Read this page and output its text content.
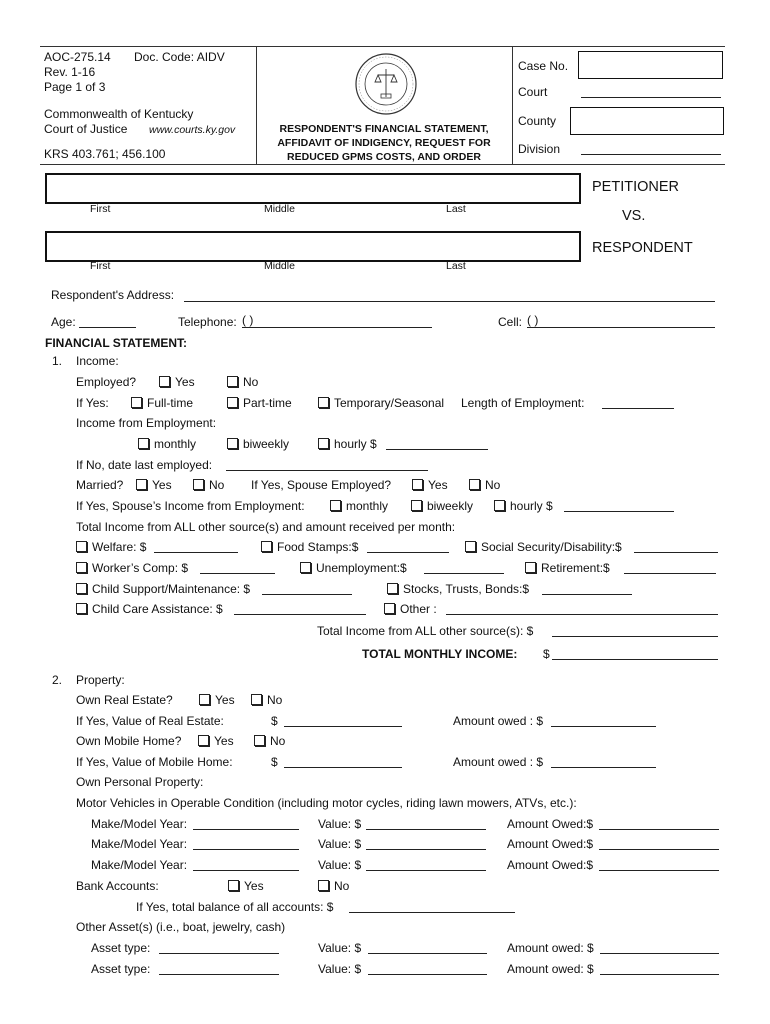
AOC-275.14 Doc. Code: AIDV
Rev. 1-16
Page 1 of 3
Commonwealth of Kentucky
Court of Justice www.courts.ky.gov
KRS 403.761; 456.100
RESPONDENT'S FINANCIAL STATEMENT,
AFFIDAVIT OF INDIGENCY, REQUEST FOR
REDUCED GPMS COSTS, AND ORDER
Case No.
Court
County
Division
First	Middle	Last
PETITIONER
VS.
First	Middle	Last
RESPONDENT
Respondent's Address:
Age:	Telephone: ( )	Cell: ( )
FINANCIAL STATEMENT:
1. Income:
Employed?	Yes	No
If Yes:	Full-time	Part-time	Temporary/Seasonal Length of Employment:
Income from Employment:
monthly	biweekly	hourly $
If No, date last employed:
Married?	Yes	No If Yes, Spouse Employed?	Yes	No
If Yes, Spouse’s Income from Employment:	monthly	biweekly	hourly $
Total Income from ALL other source(s) and amount received per month:
Welfare: $	Food Stamps:$	Social Security/Disability:$
Worker’s Comp: $	Unemployment:$	Retirement:$
Child Support/Maintenance: $	Stocks, Trusts, Bonds:$
Child Care Assistance: $	Other :
Total Income from ALL other source(s): $
TOTAL MONTHLY INCOME: $
2. Property:
Own Real Estate?	Yes	No
If Yes, Value of Real Estate:	$	Amount owed : $
Own Mobile Home?	Yes	No
If Yes, Value of Mobile Home:	$	Amount owed : $
Own Personal Property:
Motor Vehicles in Operable Condition (including motor cycles, riding lawn mowers, ATVs, etc.):
Make/Model Year:	Value: $	Amount Owed:$
Make/Model Year:	Value: $	Amount Owed:$
Make/Model Year:	Value: $	Amount Owed:$
Bank Accounts:	Yes	No
If Yes, total balance of all accounts: $
Other Asset(s) (i.e., boat, jewelry, cash)
Asset type:	Value: $	Amount owed: $
Asset type:	Value: $	Amount owed: $
